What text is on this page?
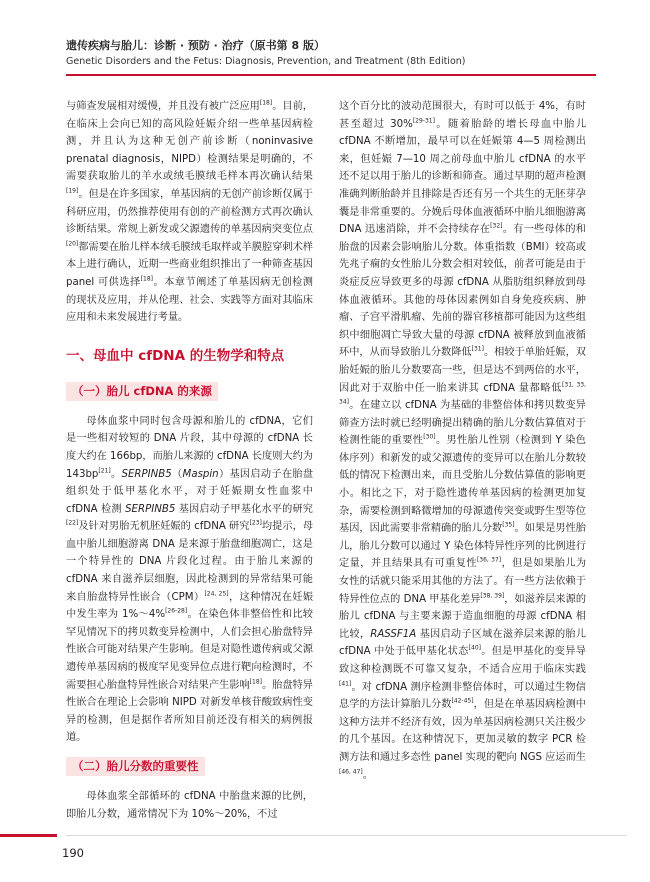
遗传疾病与胎儿：诊断 · 预防 · 治疗（原书第 8 版）
Genetic Disorders and the Fetus: Diagnosis, Prevention, and Treatment (8th Edition)

与筛查发展相对缓慢，并且没有被广泛应用[18]。目前，在临床上会向已知的高风险妊娠介绍一些单基因病检测，并且认为这种无创产前诊断（noninvasive prenatal diagnosis，NIPD）检测结果是明确的，不需要获取胎儿的羊水或绒毛膜绒毛样本再次确认结果[19]。但是在许多国家，单基因病的无创产前诊断仅属于科研应用，仍然推荐使用有创的产前检测方式再次确认诊断结果。常规上新发或父源遗传的单基因病突变位点[20]都需要在胎儿样本绒毛膜绒毛取样或羊膜腔穿刺术样本上进行确认，近期一些商业组织推出了一种筛查基因 panel 可供选择[18]。本章节阐述了单基因病无创检测的现状及应用，并从伦理、社会、实践等方面对其临床应用和未来发展进行考量。

一、母血中 cfDNA 的生物学和特点
（一）胎儿 cfDNA 的来源

母体血浆中同时包含母源和胎儿的 cfDNA，它们是一些相对较短的 DNA 片段，其中母源的 cfDNA 长度大约在 166bp，而胎儿来源的 cfDNA 长度则大约为 143bp[21]。SERPINB5（Maspin）基因启动子在胎盘组织处于低甲基化水平，对于妊娠期女性血浆中 cfDNA 检测 SERPINB5 基因启动子甲基化水平的研究[22]及针对男胎无机胚妊娠的 cfDNA 研究[23]均提示，母血中胎儿细胞游离 DNA 是来源于胎盘细胞凋亡，这是一个特异性的 DNA 片段化过程。由于胎儿来源的 cfDNA 来自滋养层细胞，因此检测到的异常结果可能来自胎盘特异性嵌合（CPM）[24, 25]，这种情况在妊娠中发生率为 1%～4%[26-28]。在染色体非整倍性和比较罕见情况下的拷贝数变异检测中，人们会担心胎盘特异性嵌合可能对结果产生影响。但是对隐性遗传病或父源遗传单基因病的极度罕见变异位点进行靶向检测时，不需要担心胎盘特异性嵌合对结果产生影响[18]。胎盘特异性嵌合在理论上会影响 NIPD 对新发单核苷酸致病性变异的检测，但是据作者所知目前还没有相关的病例报道。

（二）胎儿分数的重要性

母体血浆全部循环的 cfDNA 中胎盘来源的比例，即胎儿分数，通常情况下为 10%～20%，不过

这个百分比的波动范围很大，有时可以低于 4%，有时甚至超过 30%[29-31]。随着胎龄的增长母血中胎儿 cfDNA 不断增加，最早可以在妊娠第 4—5 周检测出来，但妊娠 7—10 周之前母血中胎儿 cfDNA 的水平还不足以用于胎儿的诊断和筛查。通过早期的超声检测准确判断胎龄并且排除是否还有另一个共生的无胚芽孕囊是非常重要的。分娩后母体血液循环中胎儿细胞游离 DNA 迅速消除，并不会持续存在[32]。有一些母体的和胎盘的因素会影响胎儿分数。体重指数（BMI）较高或先兆子痫的女性胎儿分数会相对较低，前者可能是由于炎症反应导致更多的母源 cfDNA 从脂肪组织释放到母体血液循环。其他的母体因素例如自身免疫疾病、肿瘤、子宫平滑肌瘤、先前的器官移植都可能因为这些组织中细胞凋亡导致大量的母源 cfDNA 被释放到血液循环中，从而导致胎儿分数降低[31]。相较于单胎妊娠，双胎妊娠的胎儿分数要高一些，但是达不到两倍的水平，因此对于双胎中任一胎来讲其 cfDNA 量都略低[31, 33, 34]。在建立以 cfDNA 为基础的非整倍体和拷贝数变异筛查方法时就已经明确提出精确的胎儿分数估算值对于检测性能的重要性[30]。男性胎儿性别（检测到 Y 染色体序列）和新发的或父源遗传的变异可以在胎儿分数较低的情况下检测出来，而且受胎儿分数估算值的影响更小。相比之下，对于隐性遗传单基因病的检测更加复杂，需要检测到略微增加的母源遗传突变或野生型等位基因，因此需要非常精确的胎儿分数[35]。如果是男性胎儿，胎儿分数可以通过 Y 染色体特异性序列的比例进行定量，并且结果具有可重复性[36, 37]，但是如果胎儿为女性的话就只能采用其他的方法了。有一些方法依赖于特异性位点的 DNA 甲基化差异[38, 39]，如滋养层来源的胎儿 cfDNA 与主要来源于造血细胞的母源 cfDNA 相比较，RASSF1A 基因启动子区域在滋养层来源的胎儿 cfDNA 中处于低甲基化状态[40]。但是甲基化的变异导致这种检测既不可靠又复杂，不适合应用于临床实践[41]。对 cfDNA 测序检测非整倍体时，可以通过生物信息学的方法计算胎儿分数[42-45]，但是在单基因病检测中这种方法并不经济有效，因为单基因病检测只关注极少的几个基因。在这种情况下，更加灵敏的数字 PCR 检测方法和通过多态性 panel 实现的靶向 NGS 应运而生[46, 47]。

190
